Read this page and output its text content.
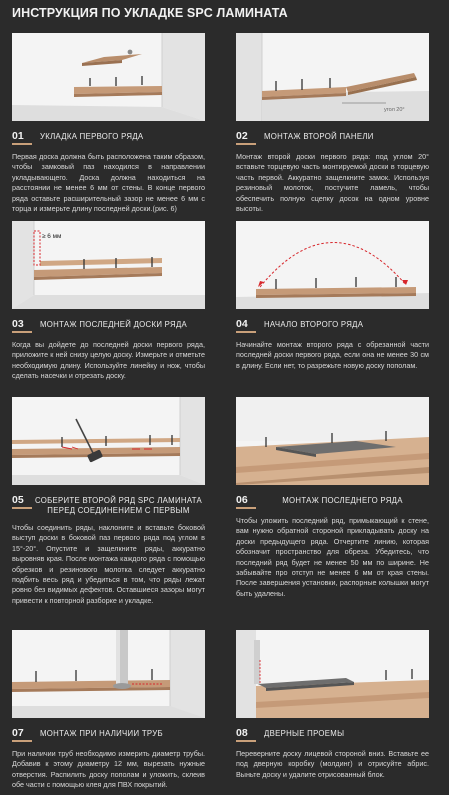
ИНСТРУКЦИЯ ПО УКЛАДКЕ SPC ЛАМИНАТА
01	УКЛАДКА ПЕРВОГО РЯДА
Первая доска должна быть расположена таким образом, чтобы замковый паз находился в направлении укладывающего. Доска должна находиться на расстоянии не менее 6 мм от стены. В конце первого ряда оставьте расширительный зазор не менее 6 мм с торца и измерьте длину последней доски.(рис. 6)
угол 20°
02	МОНТАЖ ВТОРОЙ ПАНЕЛИ
Монтаж второй доски первого ряда: под углом 20° вставьте торцевую часть монтируемой доски в торцевую часть первой. Аккуратно защелкните замок. Используя резиновый молоток, постучите ламель, чтобы обеспечить полную сцепку досок на одном уровне высоты.
≥ 6 мм
03	МОНТАЖ ПОСЛЕДНЕЙ ДОСКИ РЯДА
Когда вы дойдете до последней доски первого ряда, приложите к ней снизу целую доску. Измерьте и отметьте необходимую длину. Используйте линейку и нож, чтобы сделать насечки и отрезать доску.
04	НАЧАЛО ВТОРОГО РЯДА
Начинайте монтаж второго ряда с обрезанной части последней доски первого ряда, если она не менее 30 см в длину. Если нет, то разрежьте новую доску пополам.
05	СОБЕРИТЕ ВТОРОЙ РЯД SPC ЛАМИНАТА ПЕРЕД СОЕДИНЕНИЕМ С ПЕРВЫМ
Чтобы соединить ряды, наклоните и вставьте боковой выступ доски в боковой паз первого ряда под углом в 15°-20°. Опустите и защелкните ряды, аккуратно выровняв края. После монтажа каждого ряда с помощью обрезков и резинового молотка следует аккуратно подбить весь ряд и убедиться в том, что ряды лежат ровно без видимых дефектов. Оставшиеся зазоры могут привести к повторной разборке и укладке.
06	МОНТАЖ ПОСЛЕДНЕГО РЯДА
Чтобы уложить последний ряд, примыкающий к стене, вам нужно обратной стороной прикладывать доску на доски предыдущего ряда. Отчертите линию, которая обозначит пространство для обреза. Убедитесь, что последний ряд будет не менее 50 мм по ширине. Не забывайте про отступ не менее 6 мм от края стены. После завершения установки, распорные колышки могут быть удалены.
07	МОНТАЖ ПРИ НАЛИЧИИ ТРУБ
При наличии труб необходимо измерить диаметр трубы. Добавив к этому диаметру 12 мм, вырезать нужные отверстия. Распилить доску пополам и уложить, склеив обе части с помощью клея для ПВХ покрытий.
08	ДВЕРНЫЕ ПРОЕМЫ
Переверните доску лицевой стороной вниз. Вставьте ее под дверную коробку (молдинг) и отрисуйте абрис. Выньте доску и удалите отрисованный блок.
